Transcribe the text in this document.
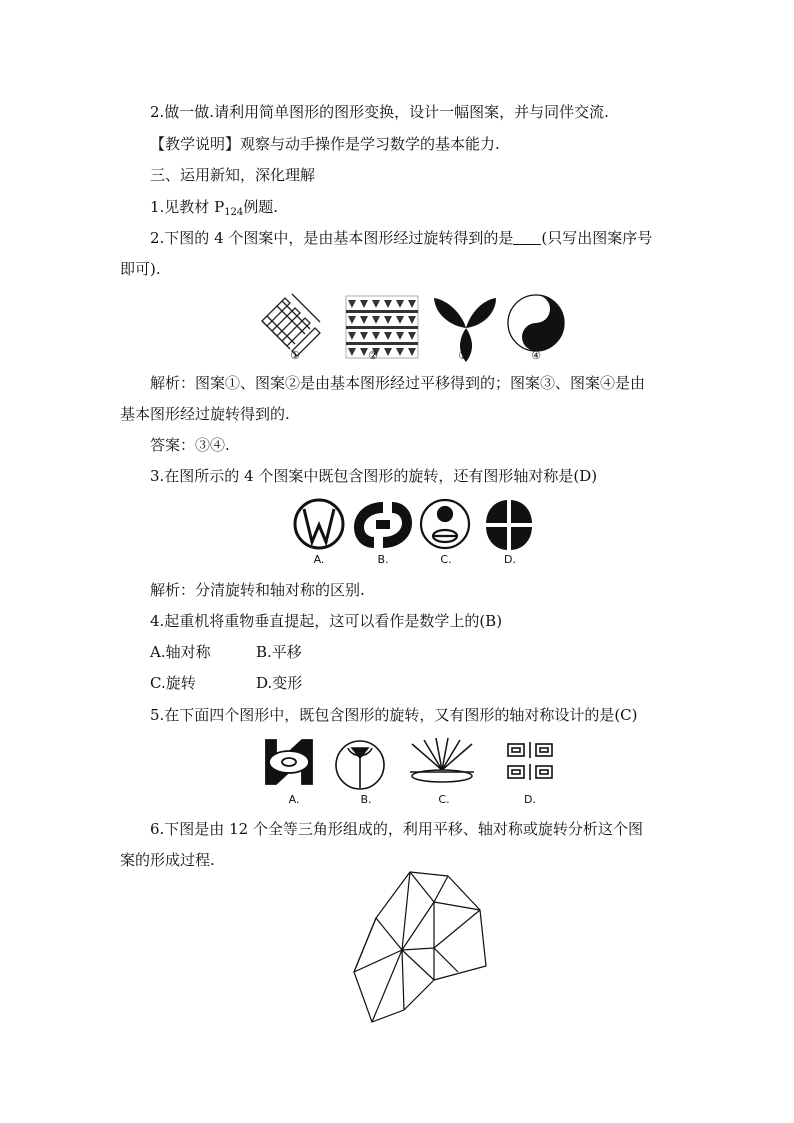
2.做一做.请利用简单图形的图形变换，设计一幅图案，并与同伴交流.
【教学说明】观察与动手操作是学习数学的基本能力.
三、运用新知，深化理解
1.见教材 $P_{124}$例题.
2.下图的 4 个图案中，是由基本图形经过旋转得到的是 (只写出图案序号
即可).
①	②	③	④
解析：图案①、图案②是由基本图形经过平移得到的；图案③、图案④是由
基本图形经过旋转得到的.
答案：③④.
3.在图所示的 4 个图案中既包含图形的旋转，还有图形轴对称是(D)
A.	B.	C.	D.
解析：分清旋转和轴对称的区别.
4.起重机将重物垂直提起，这可以看作是数学上的(B)
A.轴对称	B.平移
C.旋转	D.变形
5.在下面四个图形中，既包含图形的旋转，又有图形的轴对称设计的是(C)
A.	B.	C.	D.
6.下图是由 12 个全等三角形组成的，利用平移、轴对称或旋转分析这个图
案的形成过程.
